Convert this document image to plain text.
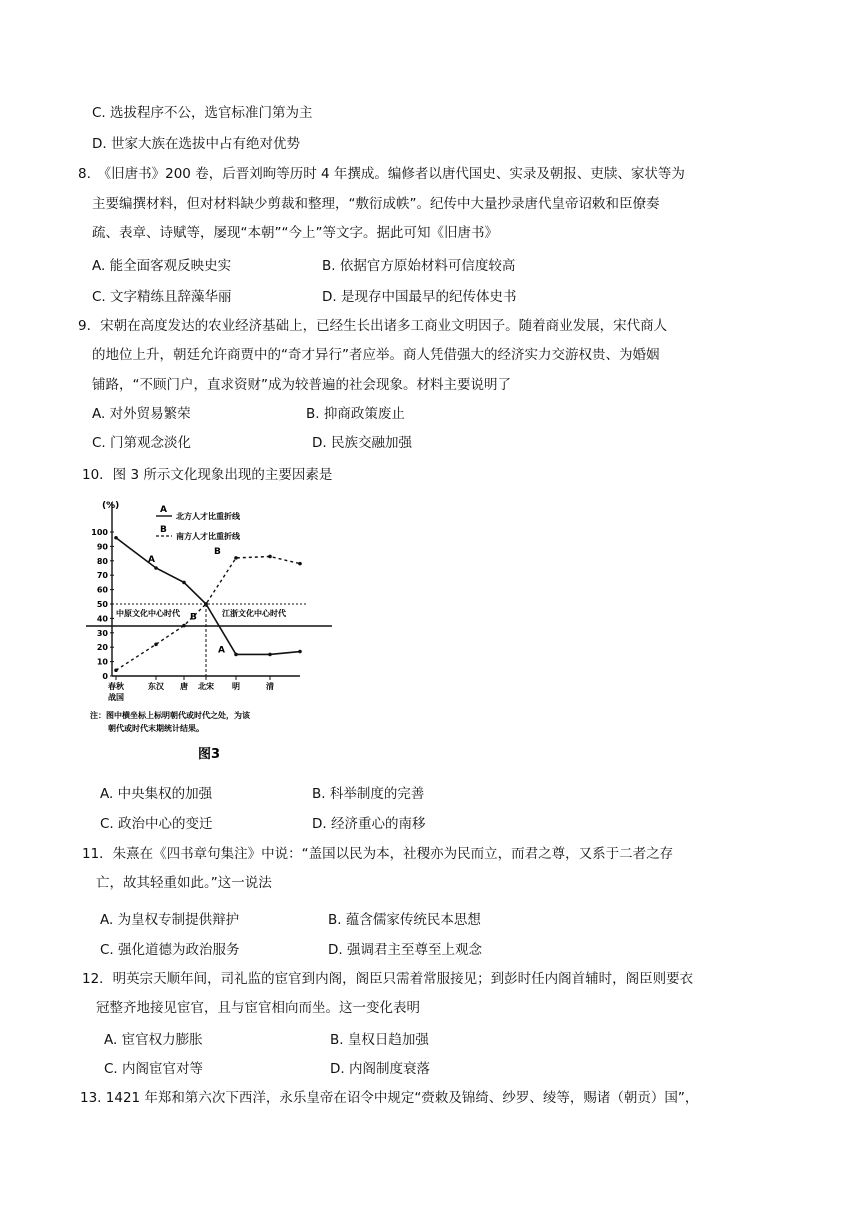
C. 选拔程序不公，选官标准门第为主
D. 世家大族在选拔中占有绝对优势
8.　《旧唐书》200 卷，后晋刘昫等历时 4 年撰成。编修者以唐代国史、实录及朝报、吏牍、家状等为
主要编撰材料，但对材料缺少剪裁和整理，“敷衍成帙”。纪传中大量抄录唐代皇帝诏敕和臣僚奏
疏、表章、诗赋等，屡现“本朝”“今上”等文字。据此可知《旧唐书》
A. 能全面客观反映史实	B. 依据官方原始材料可信度较高
C. 文字精练且辞藻华丽	D. 是现存中国最早的纪传体史书
9．宋朝在高度发达的农业经济基础上，已经生长出诸多工商业文明因子。随着商业发展，宋代商人
的地位上升，朝廷允许商贾中的“奇才异行”者应举。商人凭借强大的经济实力交游权贵、为婚姻
铺路，“不顾门户，直求资财”成为较普遍的社会现象。材料主要说明了
A. 对外贸易繁荣	B. 抑商政策废止
C. 门第观念淡化	D. 民族交融加强
10．图 3 所示文化现象出现的主要因素是
(%)
0
10
20
30
40
50
60
70
80
90
100
中原文化中心时代	江浙文化中心时代
A
A
B
B
春秋
战国
东汉 唐 北宋 明	清
A
北方人才比重折线
B
南方人才比重折线
注：图中横坐标上标明朝代或时代之处，为该
朝代或时代末期统计结果。
图3
A. 中央集权的加强	B. 科举制度的完善
C. 政治中心的变迁	D. 经济重心的南移
11．朱熹在《四书章句集注》中说：“盖国以民为本，社稷亦为民而立，而君之尊，又系于二者之存
亡，故其轻重如此。”这一说法
A. 为皇权专制提供辩护	B. 蕴含儒家传统民本思想
C. 强化道德为政治服务	D. 强调君主至尊至上观念
12．明英宗天顺年间，司礼监的宦官到内阁，阁臣只需着常服接见；到彭时任内阁首辅时，阁臣则要衣
冠整齐地接见宦官，且与宦官相向而坐。这一变化表明
A. 宦官权力膨胀	B. 皇权日趋加强
C. 内阁宦官对等	D. 内阁制度衰落
13. 1421 年郑和第六次下西洋，永乐皇帝在诏令中规定“赍敕及锦绮、纱罗、绫等，赐诸（朝贡）国”，
